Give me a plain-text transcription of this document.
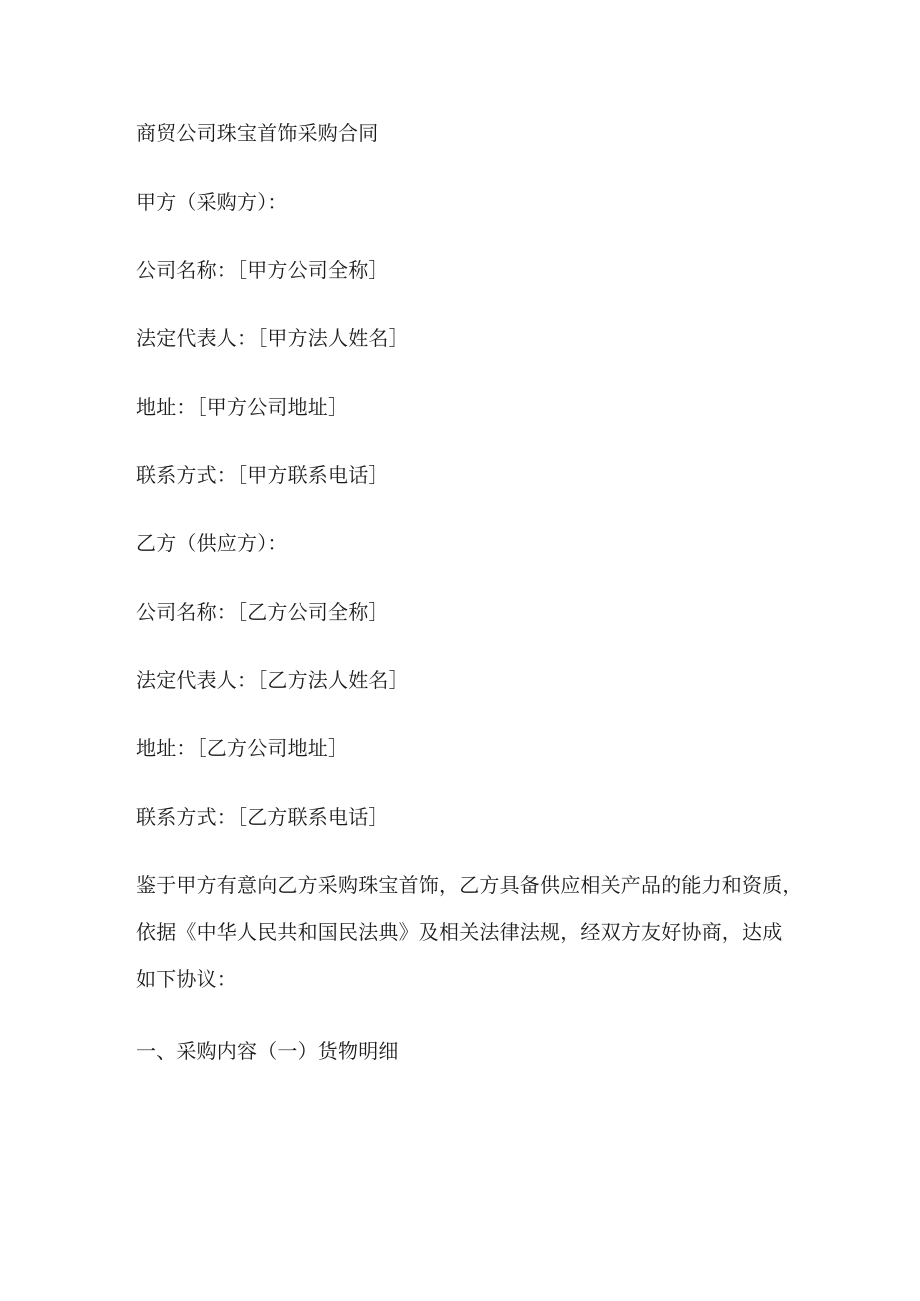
商贸公司珠宝首饰采购合同
甲方（采购方）：
公司名称：［甲方公司全称］
法定代表人：［甲方法人姓名］
地址：［甲方公司地址］
联系方式：［甲方联系电话］
乙方（供应方）：
公司名称：［乙方公司全称］
法定代表人：［乙方法人姓名］
地址：［乙方公司地址］
联系方式：［乙方联系电话］
鉴于甲方有意向乙方采购珠宝首饰，乙方具备供应相关产品的能力和资质，
依据《中华人民共和国民法典》及相关法律法规，经双方友好协商，达成
如下协议：
一、采购内容（一）货物明细
